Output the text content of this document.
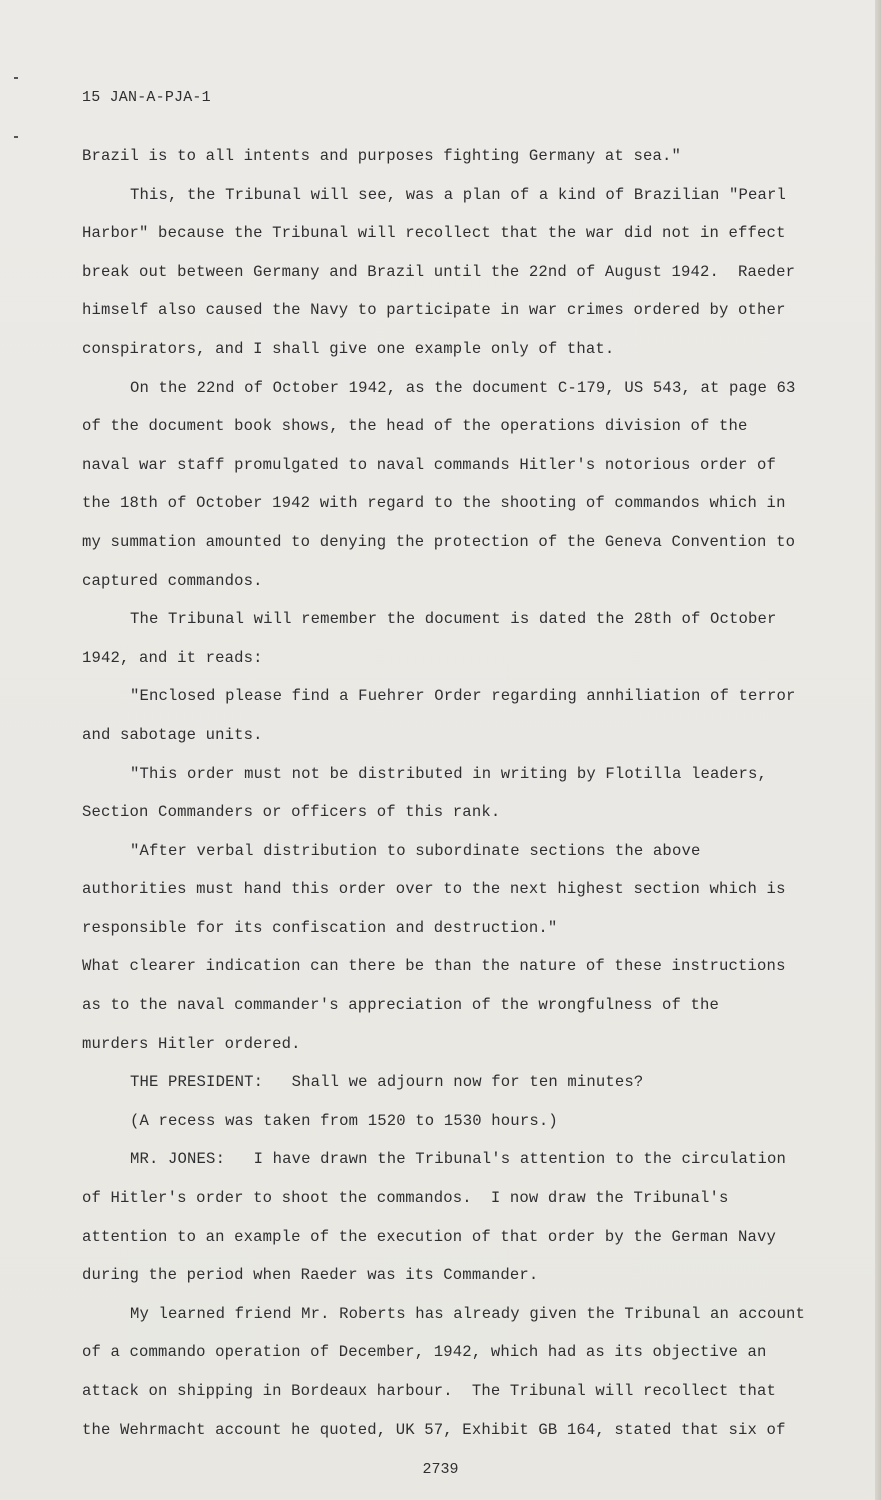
15 JAN-A-PJA-1
Brazil is to all intents and purposes fighting Germany at sea."
This, the Tribunal will see, was a plan of a kind of Brazilian "Pearl
Harbor" because the Tribunal will recollect that the war did not in effect
break out between Germany and Brazil until the 22nd of August 1942.  Raeder
himself also caused the Navy to participate in war crimes ordered by other
conspirators, and I shall give one example only of that.
On the 22nd of October 1942, as the document C-179, US 543, at page 63
of the document book shows, the head of the operations division of the
naval war staff promulgated to naval commands Hitler's notorious order of
the 18th of October 1942 with regard to the shooting of commandos which in
my summation amounted to denying the protection of the Geneva Convention to
captured commandos.
The Tribunal will remember the document is dated the 28th of October
1942, and it reads:
"Enclosed please find a Fuehrer Order regarding annhiliation of terror
and sabotage units.
"This order must not be distributed in writing by Flotilla leaders,
Section Commanders or officers of this rank.
"After verbal distribution to subordinate sections the above
authorities must hand this order over to the next highest section which is
responsible for its confiscation and destruction."
What clearer indication can there be than the nature of these instructions
as to the naval commander's appreciation of the wrongfulness of the
murders Hitler ordered.
THE PRESIDENT:   Shall we adjourn now for ten minutes?
(A recess was taken from 1520 to 1530 hours.)
MR. JONES:   I have drawn the Tribunal's attention to the circulation
of Hitler's order to shoot the commandos.  I now draw the Tribunal's
attention to an example of the execution of that order by the German Navy
during the period when Raeder was its Commander.
My learned friend Mr. Roberts has already given the Tribunal an account
of a commando operation of December, 1942, which had as its objective an
attack on shipping in Bordeaux harbour.  The Tribunal will recollect that
the Wehrmacht account he quoted, UK 57, Exhibit GB 164, stated that six of
2739
